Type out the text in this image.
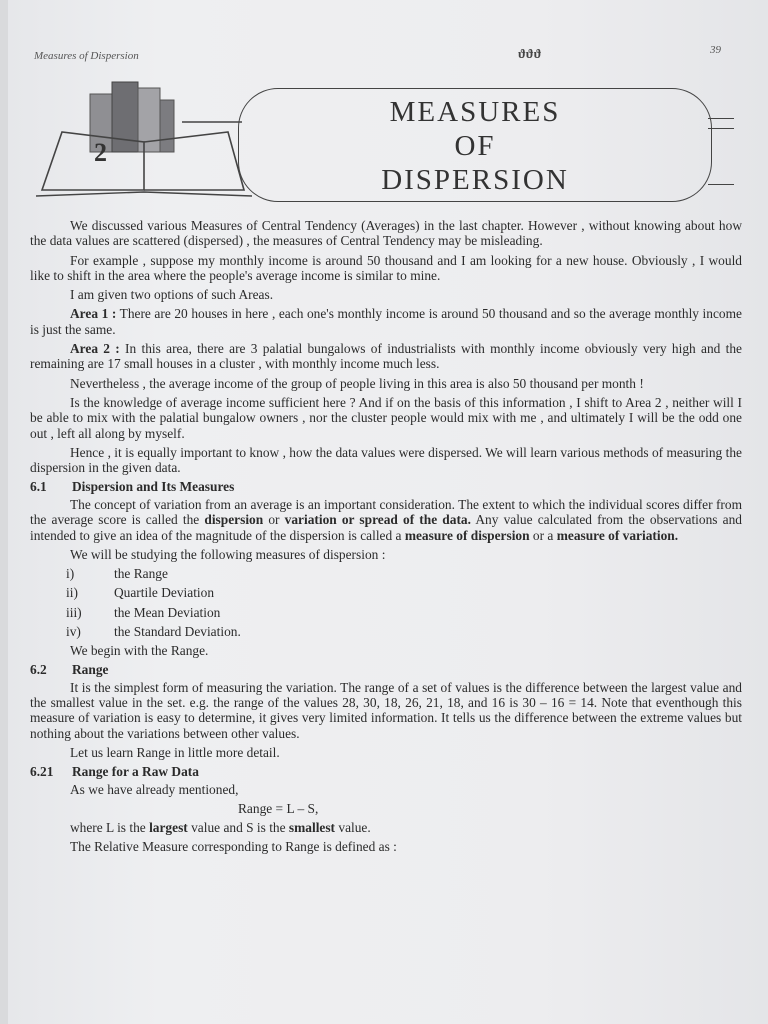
Measures of Dispersion	ϑϑϑ	39
2
MEASURES
OF
DISPERSION

We discussed various Measures of Central Tendency (Averages) in the last chapter. However , without knowing about how the data values are scattered (dispersed) , the measures of Central Tendency may be misleading.

For example , suppose my monthly income is around 50 thousand and I am looking for a new house. Obviously , I would like to shift in the area where the people's average income is similar to mine.

I am given two options of such Areas.

Area 1 : There are 20 houses in here , each one's monthly income is around 50 thousand and so the average monthly income is just the same.

Area 2 : In this area, there are 3 palatial bungalows of industrialists with monthly income obviously very high and the remaining are 17 small houses in a cluster , with monthly income much less.

Nevertheless , the average income of the group of people living in this area is also 50 thousand per month !

Is the knowledge of average income sufficient here ? And if on the basis of this information , I shift to Area 2 , neither will I be able to mix with the palatial bungalow owners , nor the cluster people would mix with me , and ultimately I will be the odd one out , left all along by myself.

Hence , it is equally important to know , how the data values were dispersed. We will learn various methods of measuring the dispersion in the given data.

6.1	Dispersion and Its Measures

The concept of variation from an average is an important consideration. The extent to which the individual scores differ from the average score is called the dispersion or variation or spread of the data. Any value calculated from the observations and intended to give an idea of the magnitude of the dispersion is called a measure of dispersion or a measure of variation.

We will be studying the following measures of dispersion :

i)	the Range
ii)	Quartile Deviation
iii)	the Mean Deviation
iv)	the Standard Deviation.

We begin with the Range.

6.2	Range

It is the simplest form of measuring the variation. The range of a set of values is the difference between the largest value and the smallest value in the set. e.g. the range of the values 28, 30, 18, 26, 21, 18, and 16 is 30 – 16 = 14. Note that eventhough this measure of variation is easy to determine, it gives very limited information. It tells us the difference between the extreme values but nothing about the variations between other values.

Let us learn Range in little more detail.

6.21	Range for a Raw Data

As we have already mentioned,

Range = L – S,

where L is the largest value and S is the smallest value.

The Relative Measure corresponding to Range is defined as :
